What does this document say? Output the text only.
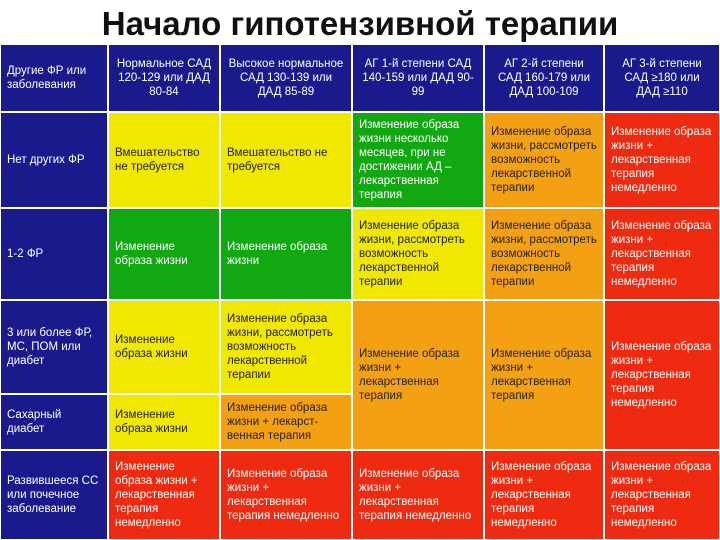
Начало гипотензивной терапии
Другие ФР или заболевания
Нормальное САД 120-129 или ДАД 80-84
Высокое нормальное САД 130-139 или ДАД 85-89
АГ 1-й степени САД 140-159 или ДАД 90-99
АГ 2-й степени САД 160-179 или ДАД 100-109
АГ 3-й степени САД ≥180 или ДАД ≥110
Нет других ФР
Вмешательство не требуется
Вмешательство не требуется
Изменение образа жизни несколько месяцев, при не достижении АД – лекарственная терапия
Изменение образа жизни, рассмотреть возможность лекарственной терапии
Изменение образа жизни + лекарственная терапия немедленно
1-2 ФР
Изменение образа жизни
Изменение образа жизни
Изменение образа жизни, рассмотреть возможность лекарственной терапии
Изменение образа жизни, рассмотреть возможность лекарственной терапии
Изменение образа жизни + лекарственная терапия немедленно
3 или более ФР, МС, ПОМ или диабет
Изменение образа жизни
Изменение образа жизни, рассмотреть возможность лекарственной терапии
Изменение образа жизни + лекарственная терапия
Изменение образа жизни + лекарственная терапия
Изменение образа жизни + лекарственная терапия немедленно
Сахарный диабет
Изменение образа жизни
Изменение образа жизни + лекарст- венная терапия
Развившееся СС или почечное заболевание
Изменение образа жизни + лекарственная терапия немедленно
Изменение образа жизни + лекарственная терапия немедленно
Изменение образа жизни + лекарственная терапия немедленно
Изменение образа жизни + лекарственная терапия немедленно
Изменение образа жизни + лекарственная терапия немедленно
